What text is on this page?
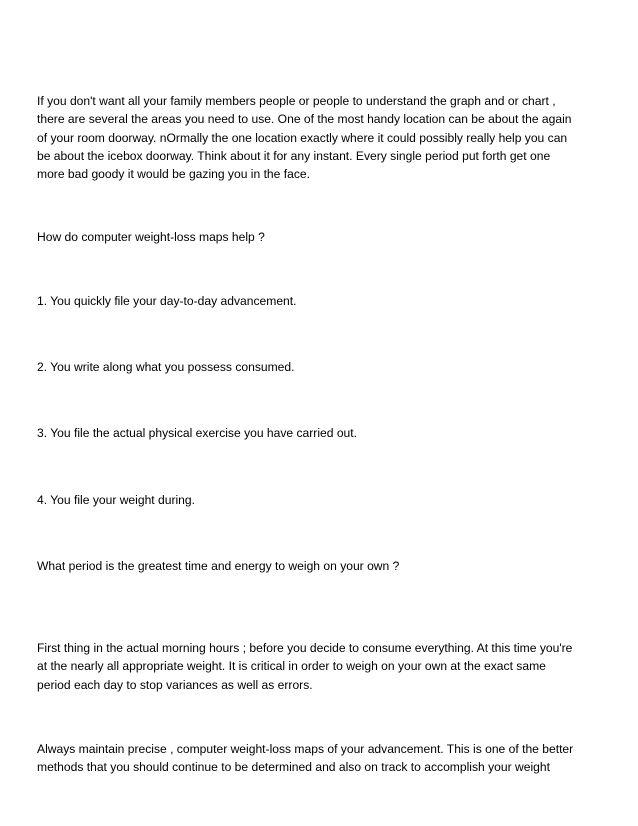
If you don't want all your family members people or people to understand the graph and or chart ,
there are several the areas you need to use. One of the most handy location can be about the again
of your room doorway. nOrmally the one location exactly where it could possibly really help you can
be about the icebox doorway. Think about it for any instant. Every single period put forth get one
more bad goody it would be gazing you in the face.

How do computer weight-loss maps help ?

1. You quickly file your day-to-day advancement.

2. You write along what you possess consumed.

3. You file the actual physical exercise you have carried out.

4. You file your weight during.

What period is the greatest time and energy to weigh on your own ?

First thing in the actual morning hours ; before you decide to consume everything. At this time you're
at the nearly all appropriate weight. It is critical in order to weigh on your own at the exact same
period each day to stop variances as well as errors.

Always maintain precise , computer weight-loss maps of your advancement. This is one of the better
methods that you should continue to be determined and also on track to accomplish your weight
